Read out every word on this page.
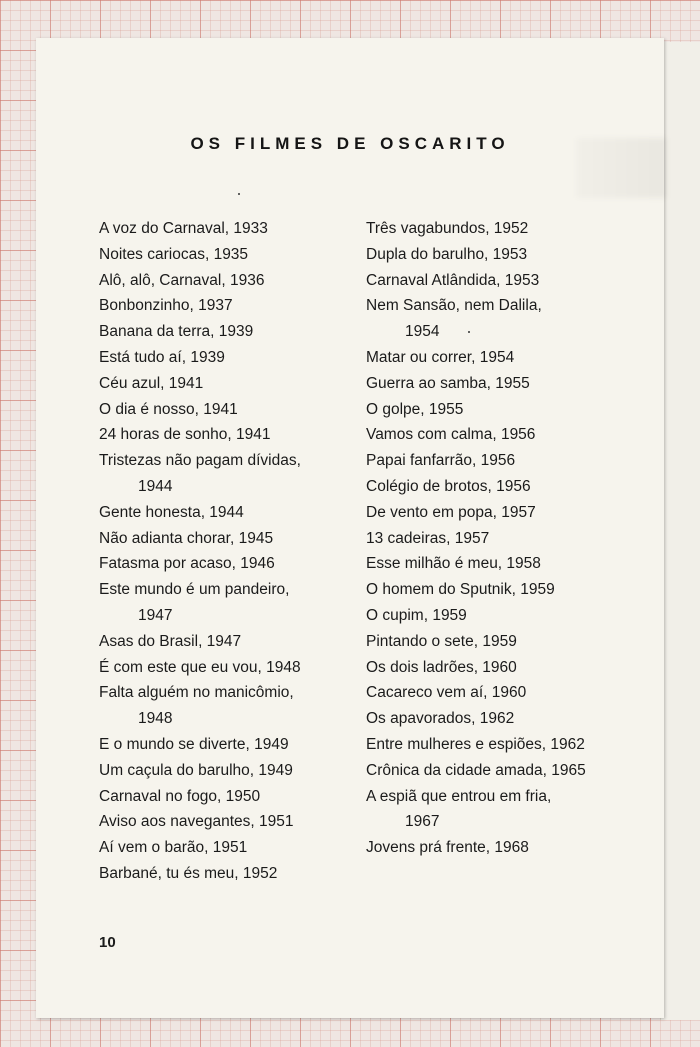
OS FILMES DE OSCARITO
A voz do Carnaval, 1933
Noites cariocas, 1935
Alô, alô, Carnaval, 1936
Bonbonzinho, 1937
Banana da terra, 1939
Está tudo aí, 1939
Céu azul, 1941
O dia é nosso, 1941
24 horas de sonho, 1941
Tristezas não pagam dívidas,
1944
Gente honesta, 1944
Não adianta chorar, 1945
Fatasma por acaso, 1946
Este mundo é um pandeiro,
1947
Asas do Brasil, 1947
É com este que eu vou, 1948
Falta alguém no manicômio,
1948
E o mundo se diverte, 1949
Um caçula do barulho, 1949
Carnaval no fogo, 1950
Aviso aos navegantes, 1951
Aí vem o barão, 1951
Barbané, tu és meu, 1952
Três vagabundos, 1952
Dupla do barulho, 1953
Carnaval Atlândida, 1953
Nem Sansão, nem Dalila,
1954
Matar ou correr, 1954
Guerra ao samba, 1955
O golpe, 1955
Vamos com calma, 1956
Papai fanfarrão, 1956
Colégio de brotos, 1956
De vento em popa, 1957
13 cadeiras, 1957
Esse milhão é meu, 1958
O homem do Sputnik, 1959
O cupim, 1959
Pintando o sete, 1959
Os dois ladrões, 1960
Cacareco vem aí, 1960
Os apavorados, 1962
Entre mulheres e espiões, 1962
Crônica da cidade amada, 1965
A espiã que entrou em fria,
1967
Jovens prá frente, 1968
10
